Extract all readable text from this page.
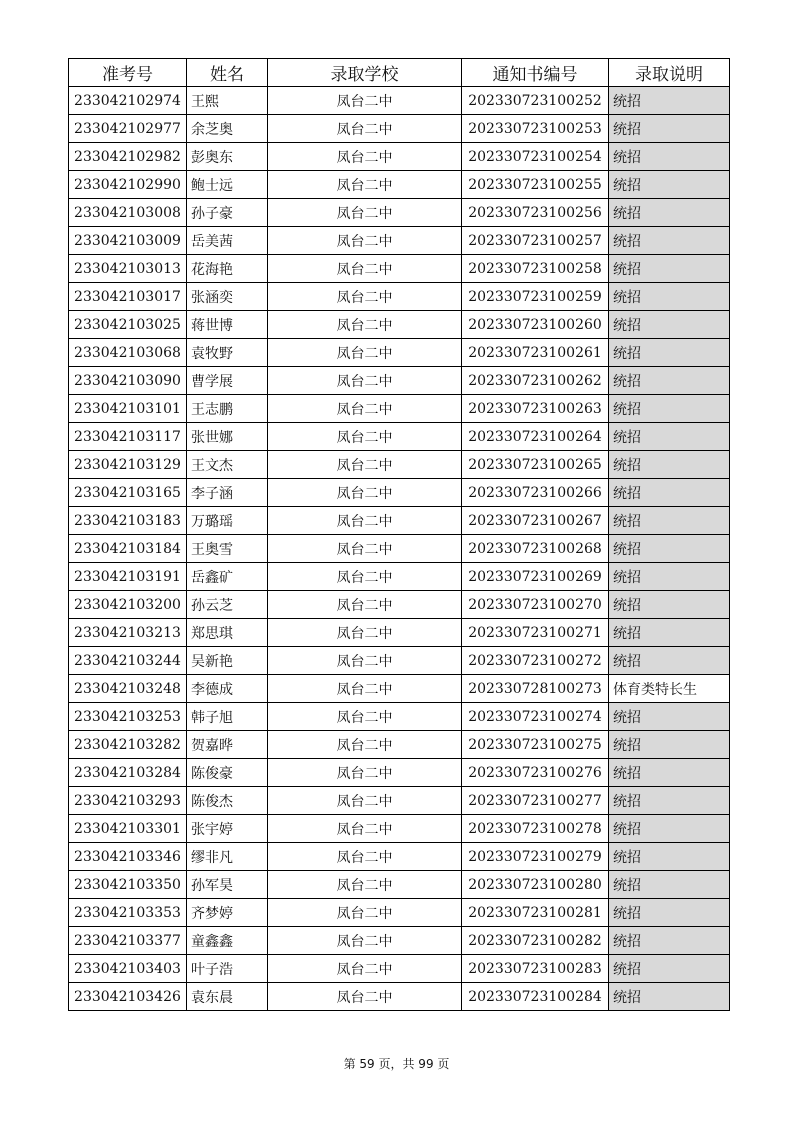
准考号	姓名	录取学校	通知书编号	录取说明
233042102974	王熙	凤台二中	202330723100252	统招
233042102977	余芝奥	凤台二中	202330723100253	统招
233042102982	彭奥东	凤台二中	202330723100254	统招
233042102990	鲍士远	凤台二中	202330723100255	统招
233042103008	孙子豪	凤台二中	202330723100256	统招
233042103009	岳美茜	凤台二中	202330723100257	统招
233042103013	花海艳	凤台二中	202330723100258	统招
233042103017	张涵奕	凤台二中	202330723100259	统招
233042103025	蒋世博	凤台二中	202330723100260	统招
233042103068	袁牧野	凤台二中	202330723100261	统招
233042103090	曹学展	凤台二中	202330723100262	统招
233042103101	王志鹏	凤台二中	202330723100263	统招
233042103117	张世娜	凤台二中	202330723100264	统招
233042103129	王文杰	凤台二中	202330723100265	统招
233042103165	李子涵	凤台二中	202330723100266	统招
233042103183	万璐瑶	凤台二中	202330723100267	统招
233042103184	王奥雪	凤台二中	202330723100268	统招
233042103191	岳鑫矿	凤台二中	202330723100269	统招
233042103200	孙云芝	凤台二中	202330723100270	统招
233042103213	郑思琪	凤台二中	202330723100271	统招
233042103244	吴新艳	凤台二中	202330723100272	统招
233042103248	李德成	凤台二中	202330728100273	体育类特长生
233042103253	韩子旭	凤台二中	202330723100274	统招
233042103282	贺嘉晔	凤台二中	202330723100275	统招
233042103284	陈俊豪	凤台二中	202330723100276	统招
233042103293	陈俊杰	凤台二中	202330723100277	统招
233042103301	张宇婷	凤台二中	202330723100278	统招
233042103346	缪非凡	凤台二中	202330723100279	统招
233042103350	孙军昊	凤台二中	202330723100280	统招
233042103353	齐梦婷	凤台二中	202330723100281	统招
233042103377	童鑫鑫	凤台二中	202330723100282	统招
233042103403	叶子浩	凤台二中	202330723100283	统招
233042103426	袁东晨	凤台二中	202330723100284	统招
第 59 页，共 99 页
